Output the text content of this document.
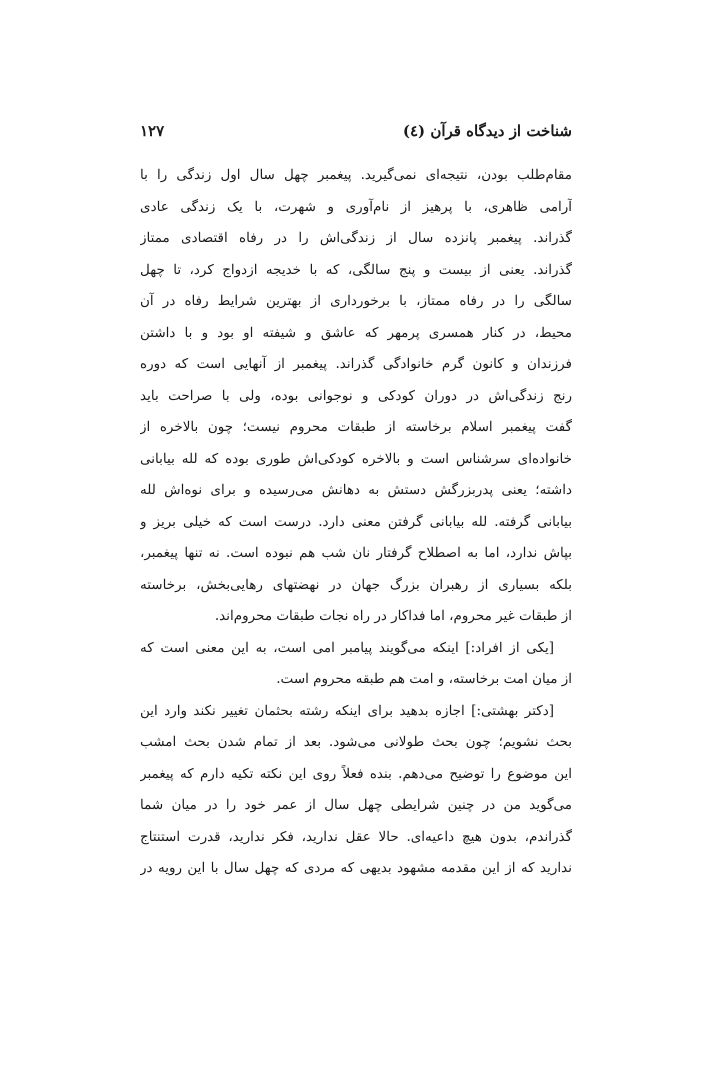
شناخت از دیدگاه قرآن (٤)
١٢٧
مقام‌طلب بودن، نتیجه‌ای نمی‌گیرید. پیغمبر چهل سال اول زندگی را با
آرامی ظاهری، با پرهیز از نام‌آوری و شهرت، با یک زندگی عادی
گذراند. پیغمبر پانزده سال از زندگی‌اش را در رفاه اقتصادی ممتاز
گذراند. یعنی از بیست و پنج سالگی، که با خدیجه ازدواج کرد، تا چهل
سالگی را در رفاه ممتاز، با برخورداری از بهترین شرایط رفاه در آن
محیط، در کنار همسری پرمهر که عاشق و شیفته او بود و با داشتن
فرزندان و کانون گرم خانوادگی گذراند. پیغمبر از آنهایی است که دوره
رنج زندگی‌اش در دوران کودکی و نوجوانی بوده، ولی با صراحت باید
گفت پیغمبر اسلام برخاسته از طبقات محروم نیست؛ چون بالاخره از
خانواده‌ای سرشناس است و بالاخره کودکی‌اش طوری بوده که لله بیابانی
داشته؛ یعنی پدربزرگش دستش به دهانش می‌رسیده و برای نوه‌اش لله
بیابانی گرفته. لله بیابانی گرفتن معنی دارد. درست است که خیلی بریز و
بپاش ندارد، اما به اصطلاح گرفتار نان شب هم نبوده است. نه تنها پیغمبر،
بلکه بسیاری از رهبران بزرگ جهان در نهضتهای رهایی‌بخش، برخاسته
از طبقات غیر محروم، اما فداکار در راه نجات طبقات محروم‌اند.
[یکی از افراد:] اینکه می‌گویند پیامبر امی است، به این معنی است که
از میان امت برخاسته، و امت هم طبقه محروم است.
[دکتر بهشتی:] اجازه بدهید برای اینکه رشته بحثمان تغییر نکند وارد این
بحث نشویم؛ چون بحث طولانی می‌شود. بعد از تمام شدن بحث امشب
این موضوع را توضیح می‌دهم. بنده فعلاً روی این نکته تکیه دارم که پیغمبر
می‌گوید من در چنین شرایطی چهل سال از عمر خود را در میان شما
گذراندم، بدون هیچ داعیه‌ای. حالا عقل ندارید، فکر ندارید، قدرت استنتاج
ندارید که از این مقدمه مشهود بدیهی که مردی که چهل سال با این رویه در
